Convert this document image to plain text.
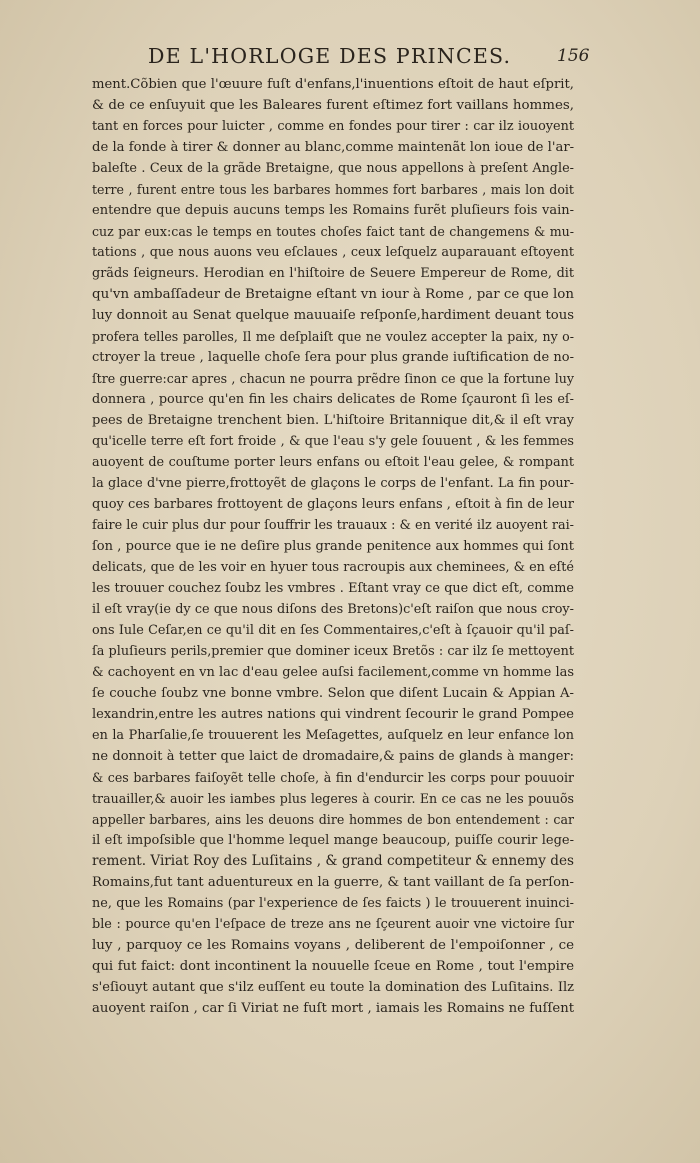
DE L'HORLOGE DES PRINCES.	156
ment.Cõbien que l'œuure fuſt d'enfans,l'inuentions eſtoit de haut eſprit,
& de ce enſuyuit que les Baleares furent eſtimez fort vaillans hommes,
tant en forces pour luicter , comme en fondes pour tirer : car ilz iouoyent
de la fonde à tirer & donner au blanc,comme maintenãt lon ioue de l'ar-
baleſte . Ceux de la grãde Bretaigne, que nous appellons à preſent Angle-
terre , furent entre tous les barbares hommes fort barbares , mais lon doit
entendre que depuis aucuns temps les Romains furẽt pluſieurs fois vain-
cuz par eux:cas le temps en toutes choſes faict tant de changemens & mu-
tations , que nous auons veu eſclaues , ceux leſquelz auparauant eſtoyent
grãds ſeigneurs. Herodian en l'hiſtoire de Seuere Empereur de Rome, dit
qu'vn ambaſſadeur de Bretaigne eſtant vn iour à Rome , par ce que lon
luy donnoit au Senat quelque mauuaiſe reſponſe,hardiment deuant tous
profera telles parolles, Il me deſplaiſt que ne voulez accepter la paix, ny o-
ctroyer la treue , laquelle choſe ſera pour plus grande iuſtification de no-
ſtre guerre:car apres , chacun ne pourra prẽdre ſinon ce que la fortune luy
donnera , pource qu'en fin les chairs delicates de Rome ſçauront ſi les eſ-
pees de Bretaigne trenchent bien. L'hiſtoire Britannique dit,& il eſt vray
qu'icelle terre eſt fort froide , & que l'eau s'y gele ſouuent , & les femmes
auoyent de couſtume porter leurs enfans ou eſtoit l'eau gelee, & rompant
la glace d'vne pierre,frottoyẽt de glaçons le corps de l'enfant. La fin pour-
quoy ces barbares frottoyent de glaçons leurs enfans , eſtoit à fin de leur
faire le cuir plus dur pour ſouffrir les trauaux : & en verité ilz auoyent rai-
ſon , pource que ie ne deſire plus grande penitence aux hommes qui ſont
delicats, que de les voir en hyuer tous racroupis aux cheminees, & en eſté
les trouuer couchez ſoubz les vmbres . Eſtant vray ce que dict eſt, comme
il eſt vray(ie dy ce que nous diſons des Bretons)c'eſt raiſon que nous croy-
ons Iule Ceſar,en ce qu'il dit en ſes Commentaires,c'eſt à ſçauoir qu'il paſ-
ſa pluſieurs perils,premier que dominer iceux Bretõs : car ilz ſe mettoyent
& cachoyent en vn lac d'eau gelee auſsi facilement,comme vn homme las
ſe couche ſoubz vne bonne vmbre. Selon que diſent Lucain & Appian A-
lexandrin,entre les autres nations qui vindrent ſecourir le grand Pompee
en la Pharſalie,ſe trouuerent les Meſagettes, auſquelz en leur enfance lon
ne donnoit à tetter que laict de dromadaire,& pains de glands à manger:
& ces barbares faiſoyẽt telle choſe, à fin d'endurcir les corps pour pouuoir
trauailler,& auoir les iambes plus legeres à courir. En ce cas ne les pouuõs
appeller barbares, ains les deuons dire hommes de bon entendement : car
il eſt impoſsible que l'homme lequel mange beaucoup, puiſſe courir lege-
rement. Viriat Roy des Luſitains , & grand competiteur & ennemy des
Romains,fut tant aduentureux en la guerre, & tant vaillant de ſa perſon-
ne, que les Romains (par l'experience de ſes faicts ) le trouuerent inuinci-
ble : pource qu'en l'eſpace de treze ans ne ſçeurent auoir vne victoire ſur
luy , parquoy ce les Romains voyans , deliberent de l'empoiſonner , ce
qui fut faict: dont incontinent la nouuelle ſceue en Rome , tout l'empire
s'eſiouyt autant que s'ilz euſſent eu toute la domination des Luſitains. Ilz
auoyent raiſon , car ſi Viriat ne fuſt mort , iamais les Romains ne fuſſent
